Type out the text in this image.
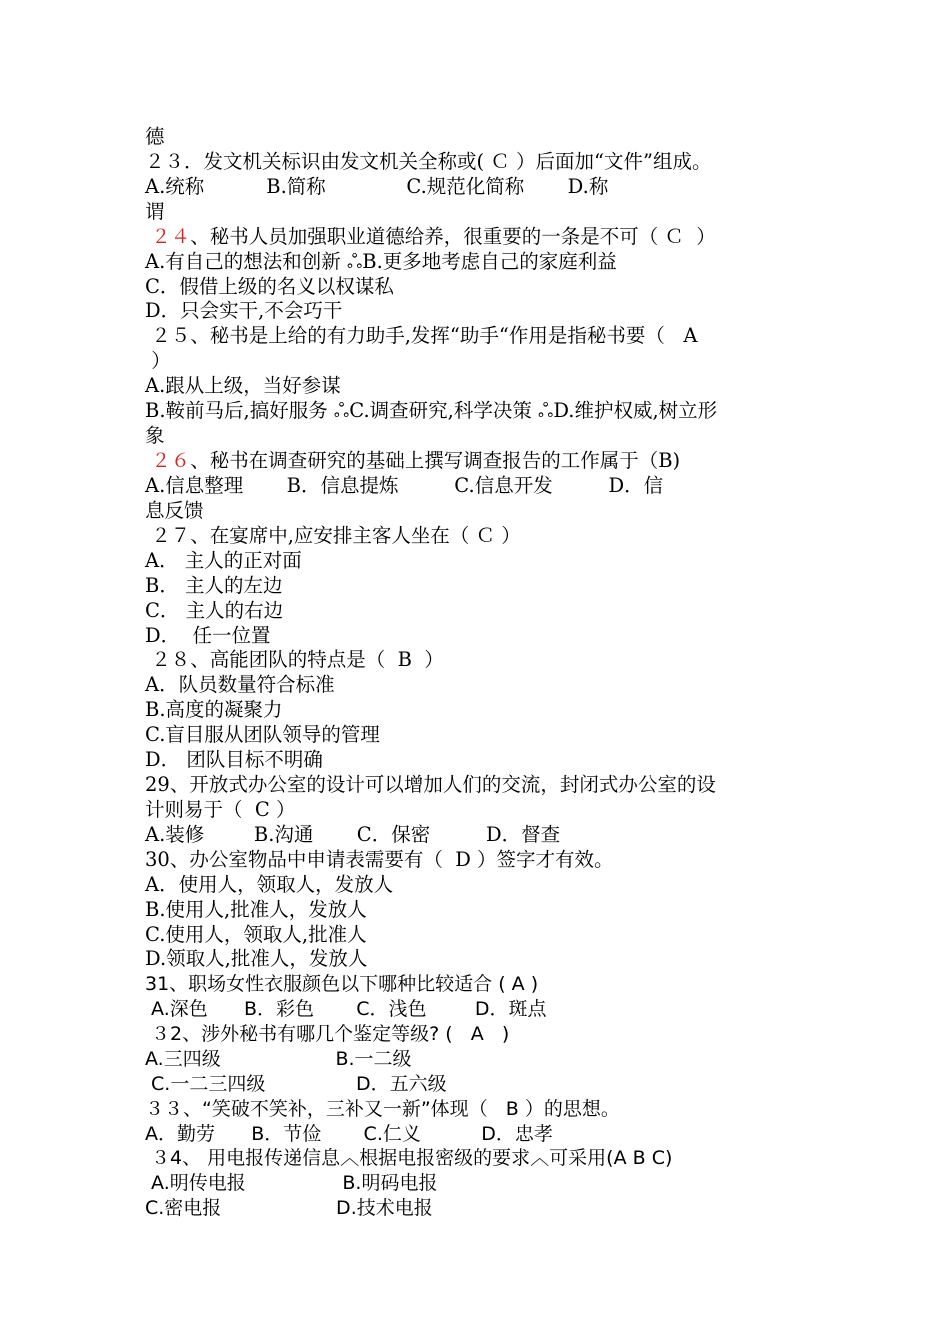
德
２３．发文机关标识由发文机关全称或( Ｃ ）后面加“文件”组成。
A.统称          B.简称             C.规范化简称       D.称
谓
２４、秘书人员加强职业道德给养，很重要的一条是不可（ Ｃ  ）
A.有自己的想法和创新 ஃB.更多地考虑自己的家庭利益
C．假借上级的名义以权谋私
D．只会实干,不会巧干
２５、秘书是上给的有力助手,发挥“助手“作用是指秘书要（   A
）
A.跟从上级，当好参谋
B.鞍前马后,搞好服务 ஃC.调查研究,科学决策 ஃD.维护权威,树立形
象
２６、秘书在调查研究的基础上撰写调查报告的工作属于（B)
A.信息整理       B．信息提炼         C.信息开发         D．信
息反馈
２７、在宴席中,应安排主客人坐在（ Ｃ ）
A． 主人的正对面
B． 主人的左边
C． 主人的右边
D．  任一位置
２８、高能团队的特点是（  B  ）
A．队员数量符合标准
B.高度的凝聚力
C.盲目服从团队领导的管理
D． 团队目标不明确
29、开放式办公室的设计可以增加人们的交流，封闭式办公室的设
计则易于（  C ）
A.装修        B.沟通       C．保密         D．督查
30、办公室物品中申请表需要有（  D ）签字才有效。
A．使用人，领取人，发放人
B.使用人,批准人，发放人
C.使用人，领取人,批准人
D.领取人,批准人，发放人
31、职场女性衣服颜色以下哪种比较适合 ( A )
A.深色      B．彩色       C．浅色        D．斑点
３2、涉外秘书有哪几个鉴定等级? (   A   )
A.三四级                   B.一二级
C.一二三四级               D．五六级
３３、“笑破不笑补，三补又一新”体现（   B ）的思想。
A．勤劳      B．节俭       C.仁义          D．忠孝
３4、 用电报传递信息︿根据电报密级的要求︿可采用(A B C)
A.明传电报                B.明码电报
C.密电报                   D.技术电报
